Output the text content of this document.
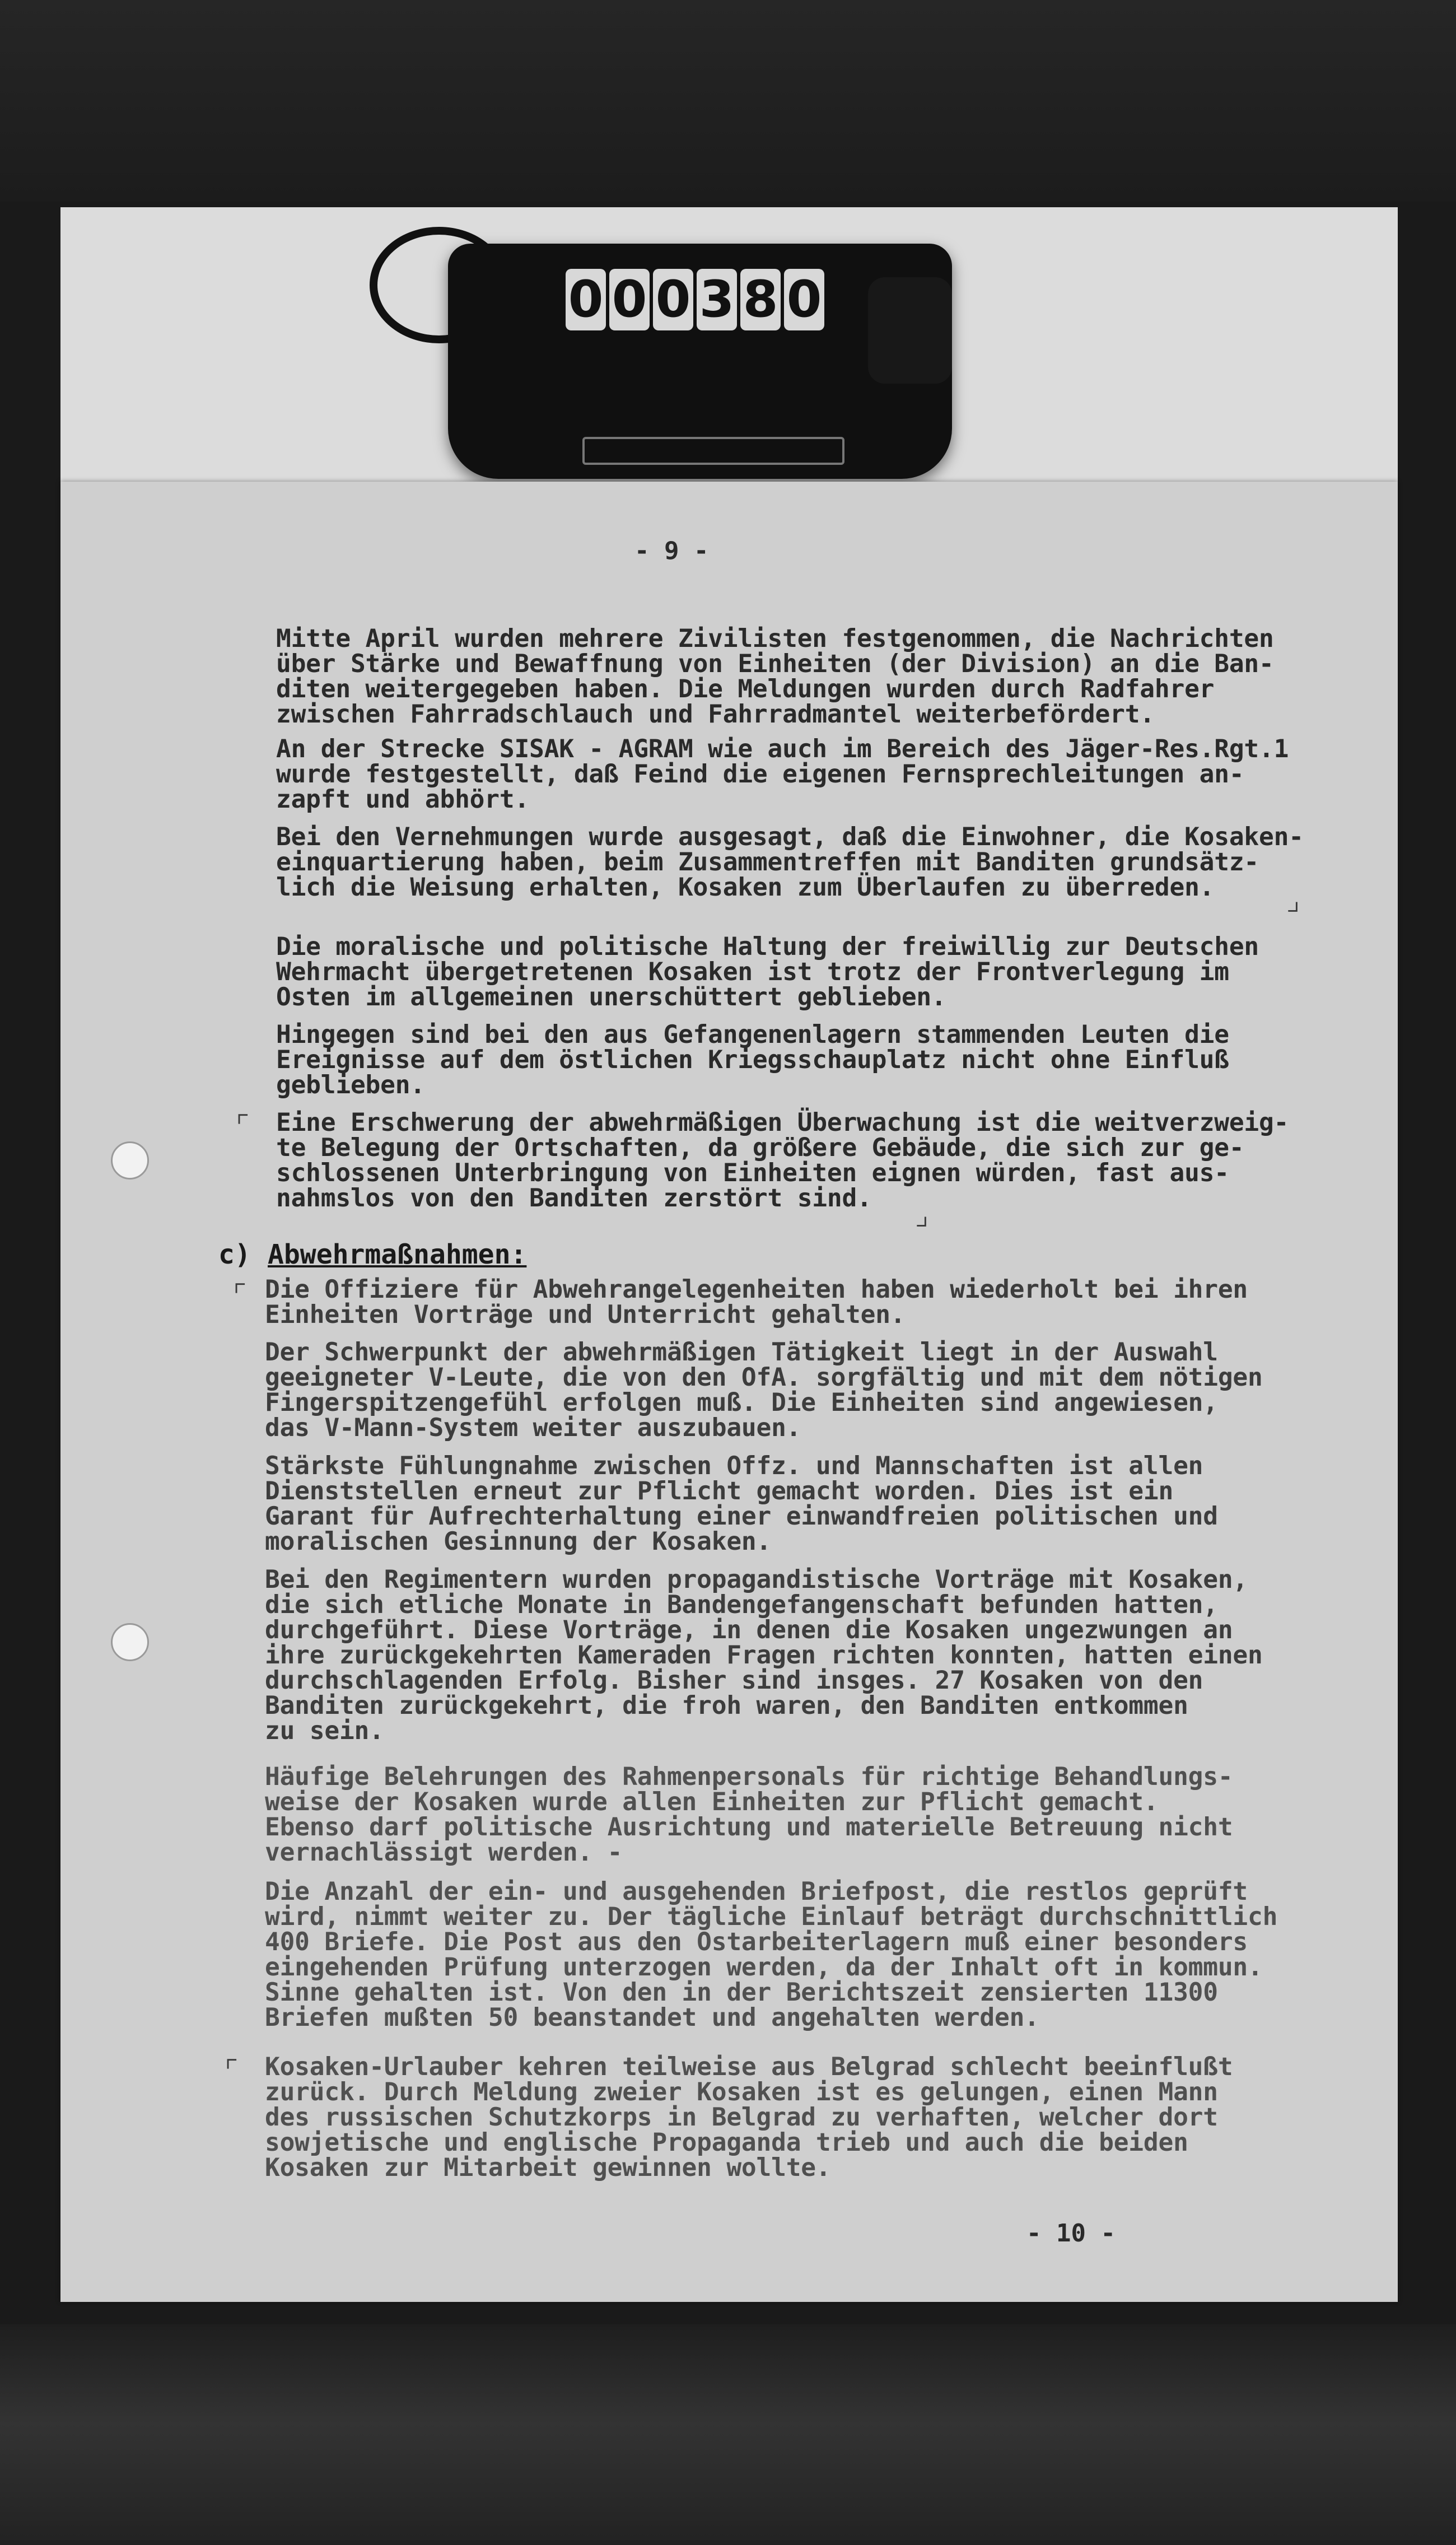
0 0 0 3 8 0
- 9 -

Mitte April wurden mehrere Zivilisten festgenommen, die Nachrichten
über Stärke und Bewaffnung von Einheiten (der Division) an die Ban-
diten weitergegeben haben. Die Meldungen wurden durch Radfahrer
zwischen Fahrradschlauch und Fahrradmantel weiterbefördert.

An der Strecke SISAK - AGRAM wie auch im Bereich des Jäger-Res.Rgt.1
wurde festgestellt, daß Feind die eigenen Fernsprechleitungen an-
zapft und abhört.

Bei den Vernehmungen wurde ausgesagt, daß die Einwohner, die Kosaken-
einquartierung haben, beim Zusammentreffen mit Banditen grundsätz-
lich die Weisung erhalten, Kosaken zum Überlaufen zu überreden.	⌟

Die moralische und politische Haltung der freiwillig zur Deutschen
Wehrmacht übergetretenen Kosaken ist trotz der Frontverlegung im
Osten im allgemeinen unerschüttert geblieben.

Hingegen sind bei den aus Gefangenenlagern stammenden Leuten die
Ereignisse auf dem östlichen Kriegsschauplatz nicht ohne Einfluß
geblieben.

⌜ Eine Erschwerung der abwehrmäßigen Überwachung ist die weitverzweig-
te Belegung der Ortschaften, da größere Gebäude, die sich zur ge-
schlossenen Unterbringung von Einheiten eignen würden, fast aus-
nahmslos von den Banditen zerstört sind.

⌟
c) Abwehrmaßnahmen:
⌜ Die Offiziere für Abwehrangelegenheiten haben wiederholt bei ihren
Einheiten Vorträge und Unterricht gehalten.

Der Schwerpunkt der abwehrmäßigen Tätigkeit liegt in der Auswahl
geeigneter V-Leute, die von den OfA. sorgfältig und mit dem nötigen
Fingerspitzengefühl erfolgen muß. Die Einheiten sind angewiesen,
das V-Mann-System weiter auszubauen.

Stärkste Fühlungnahme zwischen Offz. und Mannschaften ist allen
Dienststellen erneut zur Pflicht gemacht worden. Dies ist ein
Garant für Aufrechterhaltung einer einwandfreien politischen und
moralischen Gesinnung der Kosaken.

Bei den Regimentern wurden propagandistische Vorträge mit Kosaken,
die sich etliche Monate in Bandengefangenschaft befunden hatten,
durchgeführt. Diese Vorträge, in denen die Kosaken ungezwungen an
ihre zurückgekehrten Kameraden Fragen richten konnten, hatten einen
durchschlagenden Erfolg. Bisher sind insges. 27 Kosaken von den
Banditen zurückgekehrt, die froh waren, den Banditen entkommen
zu sein.

Häufige Belehrungen des Rahmenpersonals für richtige Behandlungs-
weise der Kosaken wurde allen Einheiten zur Pflicht gemacht.
Ebenso darf politische Ausrichtung und materielle Betreuung nicht
vernachlässigt werden. -

Die Anzahl der ein- und ausgehenden Briefpost, die restlos geprüft
wird, nimmt weiter zu. Der tägliche Einlauf beträgt durchschnittlich
400 Briefe. Die Post aus den Ostarbeiterlagern muß einer besonders
eingehenden Prüfung unterzogen werden, da der Inhalt oft in kommun.
Sinne gehalten ist. Von den in der Berichtszeit zensierten 11300
Briefen mußten 50 beanstandet und angehalten werden.

⌜ Kosaken-Urlauber kehren teilweise aus Belgrad schlecht beeinflußt
zurück. Durch Meldung zweier Kosaken ist es gelungen, einen Mann
des russischen Schutzkorps in Belgrad zu verhaften, welcher dort
sowjetische und englische Propaganda trieb und auch die beiden
Kosaken zur Mitarbeit gewinnen wollte.

- 10 -
